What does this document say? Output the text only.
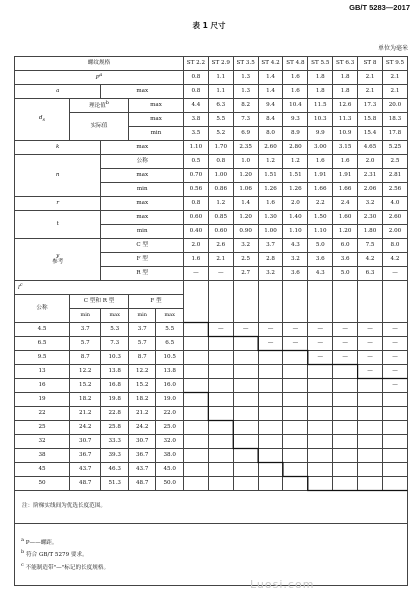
GB/T 5283—2017
表 1 尺寸
单位为毫米
螺纹规格					ST 2.2	ST 2.9	ST 3.5	ST 4.2	ST 4.8	ST 5.5	ST 6.3	ST 8	ST 9.5
P$^a$					0.8	1.1	1.3	1.4	1.6	1.8	1.8	2.1	2.1
a		max			0.8	1.1	1.3	1.4	1.6	1.8	1.8	2.1	2.1
$d_s$	理论值$^b$		max		4.4	6.3	8.2	9.4	10.4	11.5	12.6	17.3	20.0
	实际值		max		3.8	5.5	7.3	8.4	9.3	10.3	11.3	15.8	18.3
			min		3.5	5.2	6.9	8.0	8.9	9.9	10.9	15.4	17.8
k		max			1.10	1.70	2.35	2.60	2.80	3.00	3.15	4.65	5.25
n		公称			0.5	0.8	1.0	1.2	1.2	1.6	1.6	2.0	2.5
		max			0.70	1.00	1.20	1.51	1.51	1.91	1.91	2.31	2.81
		min			0.56	0.86	1.06	1.26	1.26	1.66	1.66	2.06	2.56
r		max			0.8	1.2	1.4	1.6	2.0	2.2	2.4	3.2	4.0
t		max			0.60	0.85	1.20	1.30	1.40	1.50	1.60	2.30	2.60
		min			0.40	0.60	0.90	1.00	1.10	1.10	1.20	1.80	2.00
y
参考		C 型			2.0	2.6	3.2	3.7	4.3	5.0	6.0	7.5	8.0
		F 型			1.6	2.1	2.5	2.8	3.2	3.6	3.6	4.2	4.2
		R 型			—	—	2.7	3.2	3.6	4.3	5.0	6.3	—
l$^c$									
公称	C 型和 R 型		F 型										
	min	max	min	max									
4.5	3.7	5.3	3.7	5.5		—	—	—	—	—	—	—	—
6.5	5.7	7.3	5.7	6.5				—	—	—	—	—	—
9.5	8.7	10.3	8.7	10.5						—	—	—	—
13	12.2	13.8	12.2	13.8								—	—
16	15.2	16.8	15.2	16.0									—
19	18.2	19.8	18.2	19.0									
22	21.2	22.8	21.2	22.0									
25	24.2	25.8	24.2	25.0									
32	30.7	33.3	30.7	32.0									
38	36.7	39.3	36.7	38.0									
45	43.7	46.3	43.7	45.0									
50	48.7	51.3	48.7	50.0									

注：阶梯实线间为优选长度范围。													

$^a$ P——螺距。
$^b$ 符合 GB/T 5279 要求。
$^c$ 不能制造带"—"标记的长度规格。													
Luosi.com
